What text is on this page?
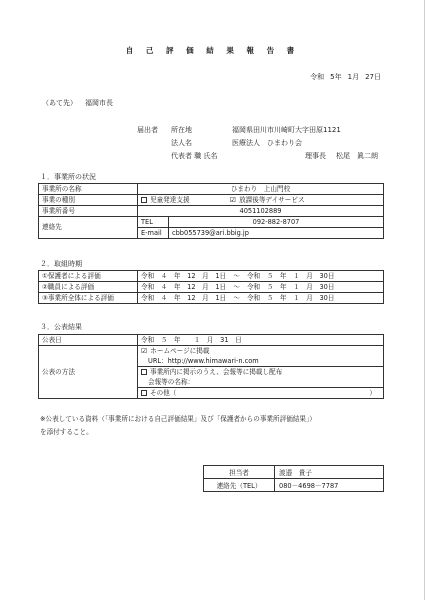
自 己 評 価 結 果 報 告 書
令和 5年 1月 27日
（あて先） 福岡市長
届出者 所在地	福岡県田川市川崎町大字田原1121
法人名	医療法人　ひまわり会
代表者 職 氏名	理事長 松尾　眞二朗
１．事業所の状況
事業所の名称	ひまわり　上山門校	
事業の種別	児童発達支援 ☑ 放課後等デイサービス	
事業所番号	4051102889	
連絡先	TEL	092-882-8707
	E-mail	cbb055739@ari.bbig.jp
２．取組時期
①保護者による評価	令和　４　年　12　月　1日 ～ 令和　５　年　１　月　30日
②職員による評価	令和　４　年　12　月　1日 ～ 令和　５　年　１　月　30日
③事業所全体による評価	令和　４　年　12　月　1日 ～ 令和　５　年　１　月　30日
３．公表結果
公表日	令和　５　年　　１　月　31　日
公表の方法	☑ ホームページに掲載
	URL：http://www.himawari-n.com
	事業所内に掲示のうえ、会報等に掲載し配布
	会報等の名称：
	その他（ ）
※公表している資料（「事業所における自己評価結果」及び「保護者からの事業所評価結果」）
を添付すること。
担当者	渡邉　貴子
連絡先（TEL）	080－4698－7787
